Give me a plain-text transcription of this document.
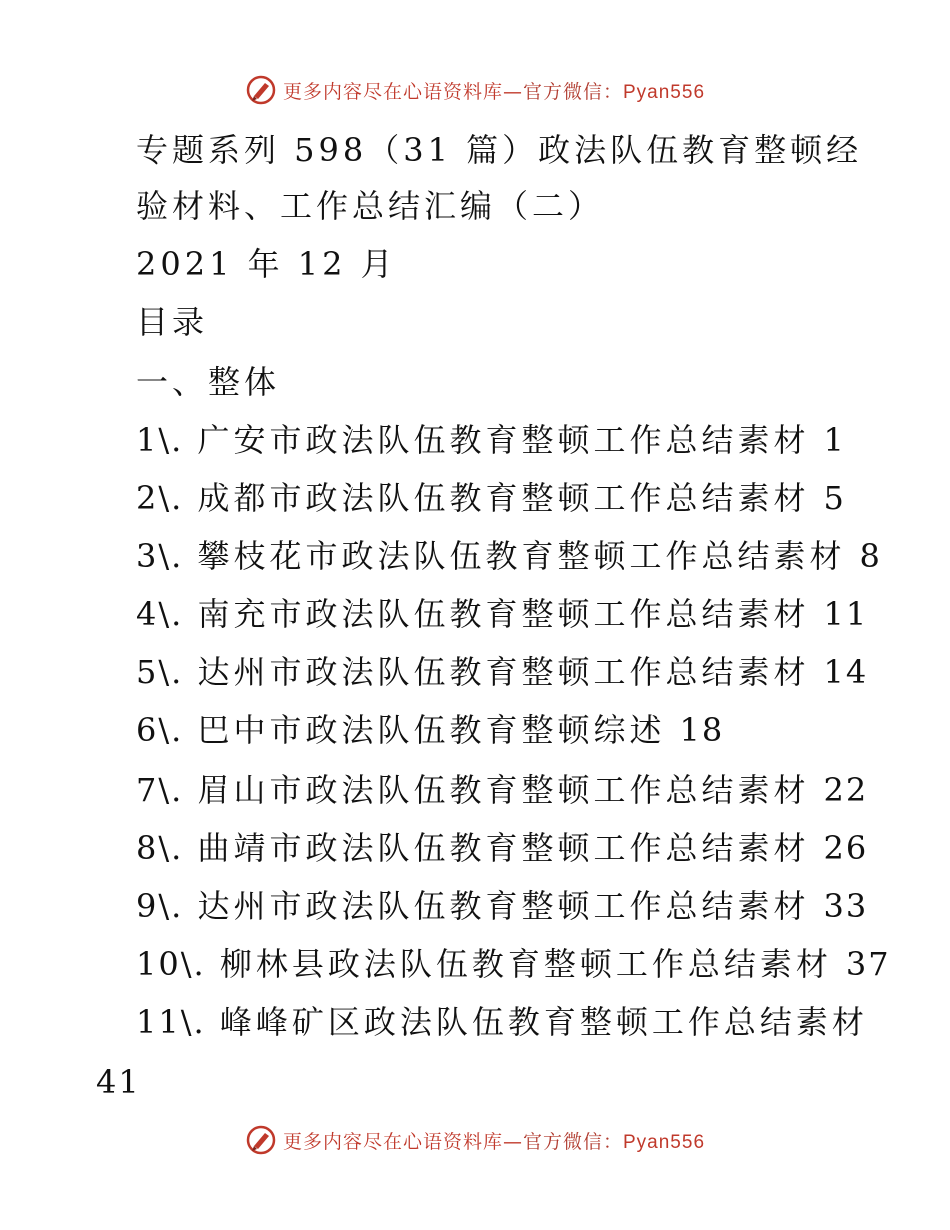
更多内容尽在心语资料库—官方微信：Pyan556
专题系列 598（31 篇）政法队伍教育整顿经
验材料、工作总结汇编（二）
2021 年 12 月
目录
一、整体
1\. 广安市政法队伍教育整顿工作总结素材 1
2\. 成都市政法队伍教育整顿工作总结素材 5
3\. 攀枝花市政法队伍教育整顿工作总结素材 8
4\. 南充市政法队伍教育整顿工作总结素材 11
5\. 达州市政法队伍教育整顿工作总结素材 14
6\. 巴中市政法队伍教育整顿综述 18
7\. 眉山市政法队伍教育整顿工作总结素材 22
8\. 曲靖市政法队伍教育整顿工作总结素材 26
9\. 达州市政法队伍教育整顿工作总结素材 33
10\. 柳林县政法队伍教育整顿工作总结素材 37
11\. 峰峰矿区政法队伍教育整顿工作总结素材
41
更多内容尽在心语资料库—官方微信：Pyan556
